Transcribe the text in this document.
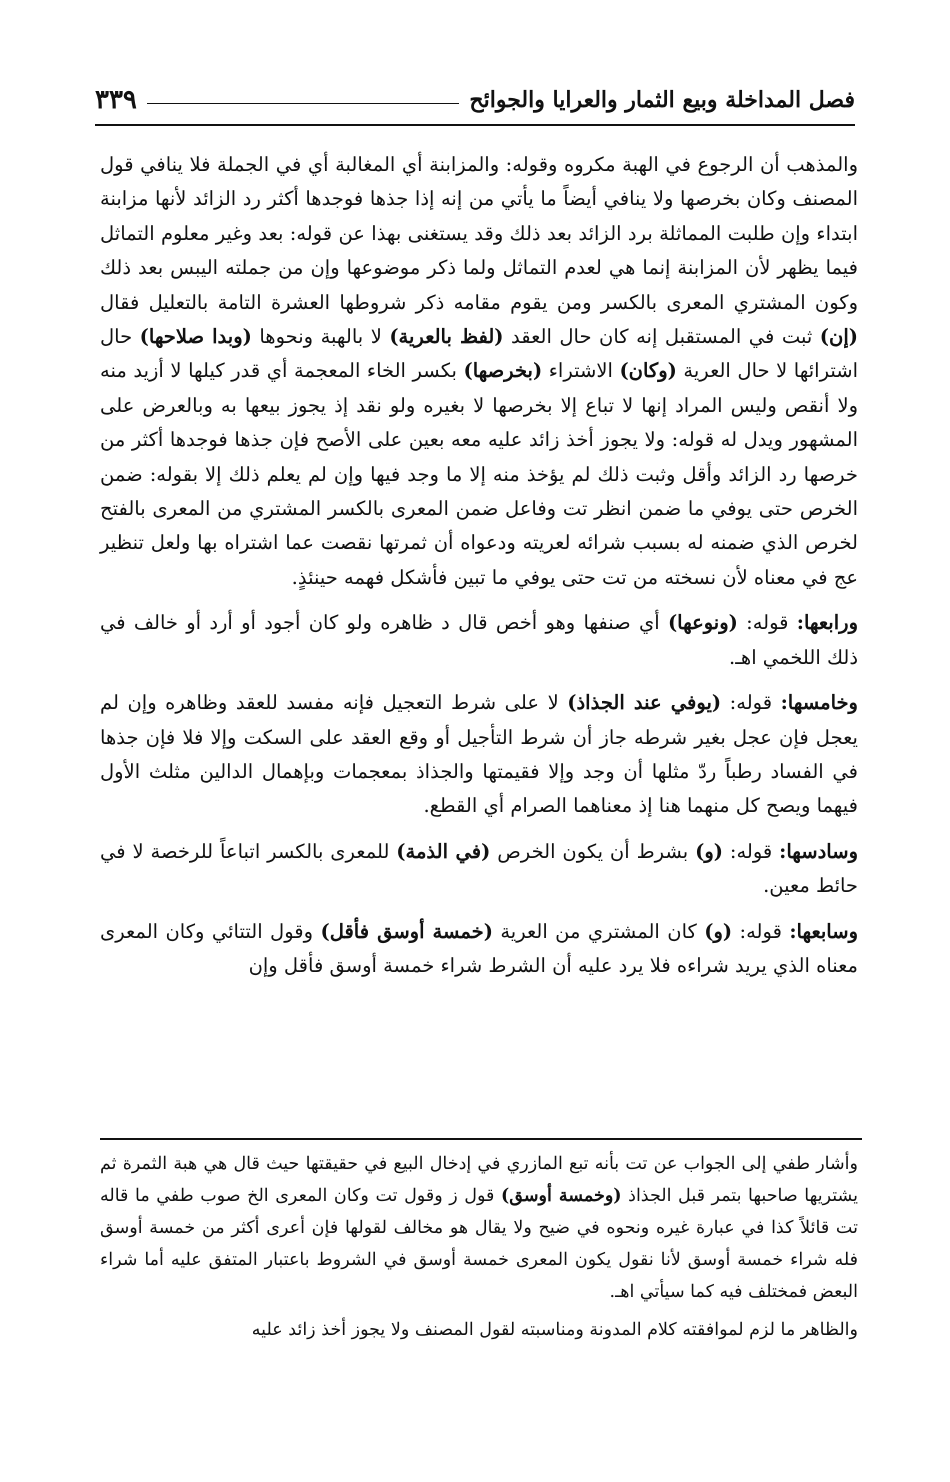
فصل المداخلة وبيع الثمار والعرايا والجوائح
٣٣٩

والمذهب أن الرجوع في الهبة مكروه وقوله: والمزابنة أي المغالبة أي في الجملة فلا ينافي قول المصنف وكان بخرصها ولا ينافي أيضاً ما يأتي من إنه إذا جذها فوجدها أكثر رد الزائد لأنها مزابنة ابتداء وإن طلبت المماثلة برد الزائد بعد ذلك وقد يستغنى بهذا عن قوله: بعد وغير معلوم التماثل فيما يظهر لأن المزابنة إنما هي لعدم التماثل ولما ذكر موضوعها وإن من جملته اليبس بعد ذلك وكون المشتري المعرى بالكسر ومن يقوم مقامه ذكر شروطها العشرة التامة بالتعليل فقال (إن) ثبت في المستقبل إنه كان حال العقد (لفظ بالعرية) لا بالهبة ونحوها (وبدا صلاحها) حال اشترائها لا حال العرية (وكان) الاشتراء (بخرصها) بكسر الخاء المعجمة أي قدر كيلها لا أزيد منه ولا أنقص وليس المراد إنها لا تباع إلا بخرصها لا بغيره ولو نقد إذ يجوز بيعها به وبالعرض على المشهور ويدل له قوله: ولا يجوز أخذ زائد عليه معه بعين على الأصح فإن جذها فوجدها أكثر من خرصها رد الزائد وأقل وثبت ذلك لم يؤخذ منه إلا ما وجد فيها وإن لم يعلم ذلك إلا بقوله: ضمن الخرص حتى يوفي ما ضمن انظر تت وفاعل ضمن المعرى بالكسر المشتري من المعرى بالفتح لخرص الذي ضمنه له بسبب شرائه لعريته ودعواه أن ثمرتها نقصت عما اشتراه بها ولعل تنظير عج في معناه لأن نسخته من تت حتى يوفي ما تبين فأشكل فهمه حينئذٍ.

ورابعها: قوله: (ونوعها) أي صنفها وهو أخص قال د ظاهره ولو كان أجود أو أرد أو خالف في ذلك اللخمي اهـ.

وخامسها: قوله: (يوفي عند الجذاذ) لا على شرط التعجيل فإنه مفسد للعقد وظاهره وإن لم يعجل فإن عجل بغير شرطه جاز أن شرط التأجيل أو وقع العقد على السكت وإلا فلا فإن جذها في الفساد رطباً ردّ مثلها أن وجد وإلا فقيمتها والجذاذ بمعجمات وبإهمال الدالين مثلث الأول فيهما ويصح كل منهما هنا إذ معناهما الصرام أي القطع.

وسادسها: قوله: (و) بشرط أن يكون الخرص (في الذمة) للمعرى بالكسر اتباعاً للرخصة لا في حائط معين.

وسابعها: قوله: (و) كان المشتري من العرية (خمسة أوسق فأقل) وقول التتائي وكان المعرى معناه الذي يريد شراءه فلا يرد عليه أن الشرط شراء خمسة أوسق فأقل وإن

وأشار طفي إلى الجواب عن تت بأنه تبع المازري في إدخال البيع في حقيقتها حيث قال هي هبة الثمرة ثم يشتريها صاحبها بتمر قبل الجذاذ (وخمسة أوسق) قول ز وقول تت وكان المعرى الخ صوب طفي ما قاله تت قائلاً كذا في عبارة غيره ونحوه في ضيح ولا يقال هو مخالف لقولها فإن أعرى أكثر من خمسة أوسق فله شراء خمسة أوسق لأنا نقول يكون المعرى خمسة أوسق في الشروط باعتبار المتفق عليه أما شراء البعض فمختلف فيه كما سيأتي اهـ.

والظاهر ما لزم لموافقته كلام المدونة ومناسبته لقول المصنف ولا يجوز أخذ زائد عليه
